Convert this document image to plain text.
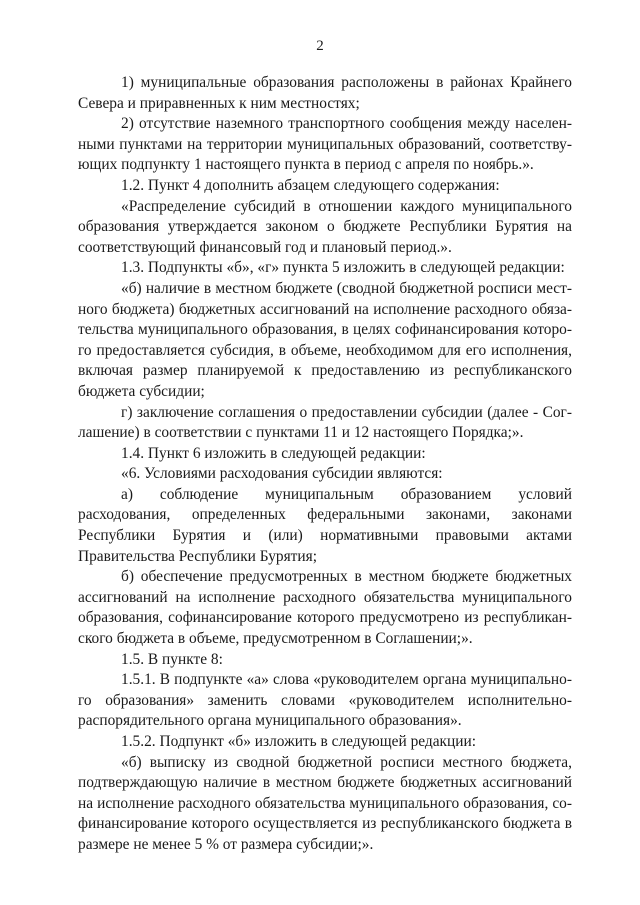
2

1) муниципальные образования расположены в районах Крайнего Севера и приравненных к ним местностях;

2) отсутствие наземного транспортного сообщения между населенными пунктами на территории муниципальных образований, соответствующих подпункту 1 настоящего пункта в период с апреля по ноябрь.».

1.2. Пункт 4 дополнить абзацем следующего содержания:

«Распределение субсидий в отношении каждого муниципального образования утверждается законом о бюджете Республики Бурятия на соответствующий финансовый год и плановый период.».

1.3. Подпункты «б», «г» пункта 5 изложить в следующей редакции:

«б) наличие в местном бюджете (сводной бюджетной росписи местного бюджета) бюджетных ассигнований на исполнение расходного обязательства муниципального образования, в целях софинансирования которого предоставляется субсидия, в объеме, необходимом для его исполнения, включая размер планируемой к предоставлению из республиканского бюджета субсидии;

г) заключение соглашения о предоставлении субсидии (далее - Соглашение) в соответствии с пунктами 11 и 12 настоящего Порядка;».

1.4. Пункт 6 изложить в следующей редакции:

«6. Условиями расходования субсидии являются:

а) соблюдение муниципальным образованием условий расходования, определенных федеральными законами, законами Республики Бурятия и (или) нормативными правовыми актами Правительства Республики Бурятия;

б) обеспечение предусмотренных в местном бюджете бюджетных ассигнований на исполнение расходного обязательства муниципального образования, софинансирование которого предусмотрено из республиканского бюджета в объеме, предусмотренном в Соглашении;».

1.5. В пункте 8:

1.5.1. В подпункте «а» слова «руководителем органа муниципального образования» заменить словами «руководителем исполнительно-распорядительного органа муниципального образования».

1.5.2. Подпункт «б» изложить в следующей редакции:

«б) выписку из сводной бюджетной росписи местного бюджета, подтверждающую наличие в местном бюджете бюджетных ассигнований на исполнение расходного обязательства муниципального образования, софинансирование которого осуществляется из республиканского бюджета в размере не менее 5 % от размера субсидии;».
